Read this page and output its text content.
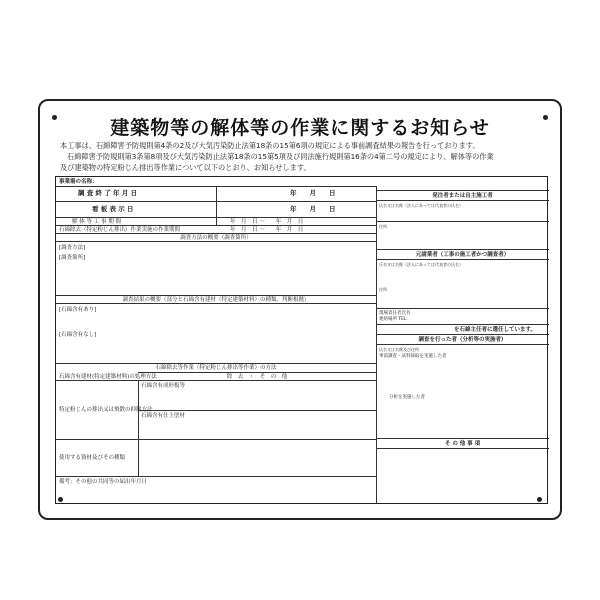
建築物等の解体等の作業に関するお知らせ
本工事は、石綿障害予防規則第4条の2及び大気汚染防止法第18条の15第6項の規定による事前調査結果の報告を行っております。
石綿障害予防規則第3条第8項及び大気汚染防止法第18条の15第5項及び同法施行規則第16条の4第二号の規定により、解体等の作業
及び建築物の特定粉じん排出等作業について以下のとおり、お知らせします。
事業場の名称：
調 査 終 了 年 月 日	年　　月　　日
看 板 表 示 日	年　　月　　日
解 体 等 工 事 期 間	年　月　日 ～　　年　月　日
石綿除去（特定粉じん排出）作業実施の作業期間	年　月　日 ～　　年　月　日
調査方法の概要（調査箇所）
[調査方法]
[調査箇所]
調査結果の概要（部分と石綿含有建材（特定建築材料）の種類、判断根拠）
[石綿含有あり]
[石綿含有なし]
石綿除去等作業（特定粉じん排出等作業）の方法
石綿含有建材(特定建築材料)の処理方法	除　去　・　そ　の　他
石綿含有成形板等
石綿含有仕上塗材
特定粉じんの排出又は飛散の抑制方法
使用する資材及びその種類
備考：その他の共同等の届出年月日
発注者または自主施工者
氏名又は名称（法人にあっては代表者の氏名）
住所
元請業者（工事の施工者かつ調査者）
氏名又は名称（法人にあっては代表者の氏名）
住所
現場責任者氏名
連絡場所 TEL
を石綿主任者に選任しています。
調査を行った者（分析等の実施者）
氏名又は名称及び住所
事前調査・試料採取を実施した者
分析を実施した者
そ の 他 事 項
